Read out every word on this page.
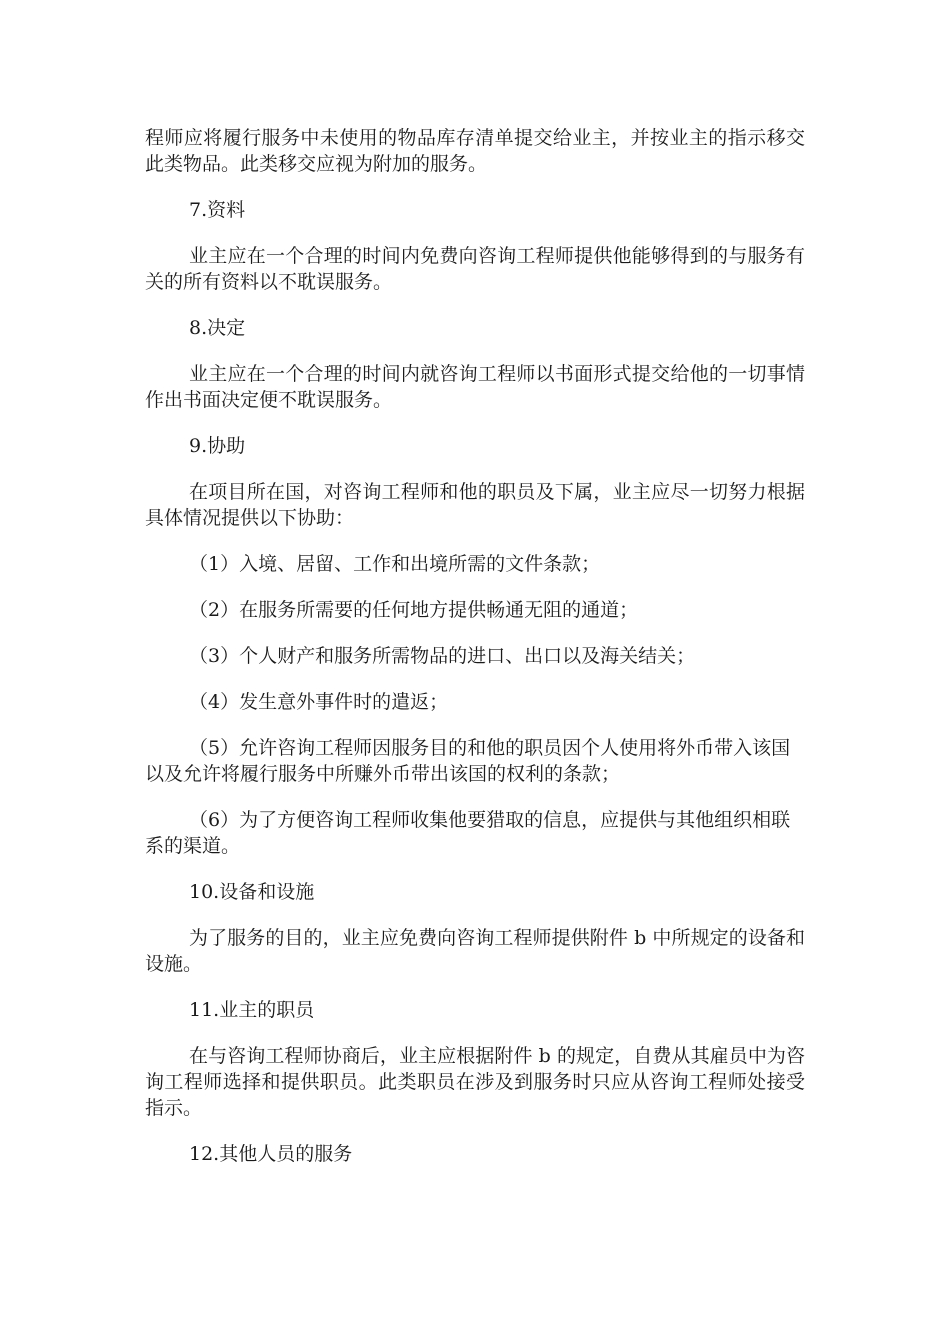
程师应将履行服务中未使用的物品库存清单提交给业主，并按业主的指示移交此类物品。此类移交应视为附加的服务。

7.资料

业主应在一个合理的时间内免费向咨询工程师提供他能够得到的与服务有关的所有资料以不耽误服务。

8.决定

业主应在一个合理的时间内就咨询工程师以书面形式提交给他的一切事情作出书面决定便不耽误服务。

9.协助

在项目所在国，对咨询工程师和他的职员及下属，业主应尽一切努力根据具体情况提供以下协助：

（1）入境、居留、工作和出境所需的文件条款；

（2）在服务所需要的任何地方提供畅通无阻的通道；

（3）个人财产和服务所需物品的进口、出口以及海关结关；

（4）发生意外事件时的遣返；

（5）允许咨询工程师因服务目的和他的职员因个人使用将外币带入该国以及允许将履行服务中所赚外币带出该国的权利的条款；

（6）为了方便咨询工程师收集他要猎取的信息，应提供与其他组织相联系的渠道。

10.设备和设施

为了服务的目的，业主应免费向咨询工程师提供附件 b 中所规定的设备和设施。

11.业主的职员

在与咨询工程师协商后，业主应根据附件 b 的规定，自费从其雇员中为咨询工程师选择和提供职员。此类职员在涉及到服务时只应从咨询工程师处接受指示。

12.其他人员的服务
